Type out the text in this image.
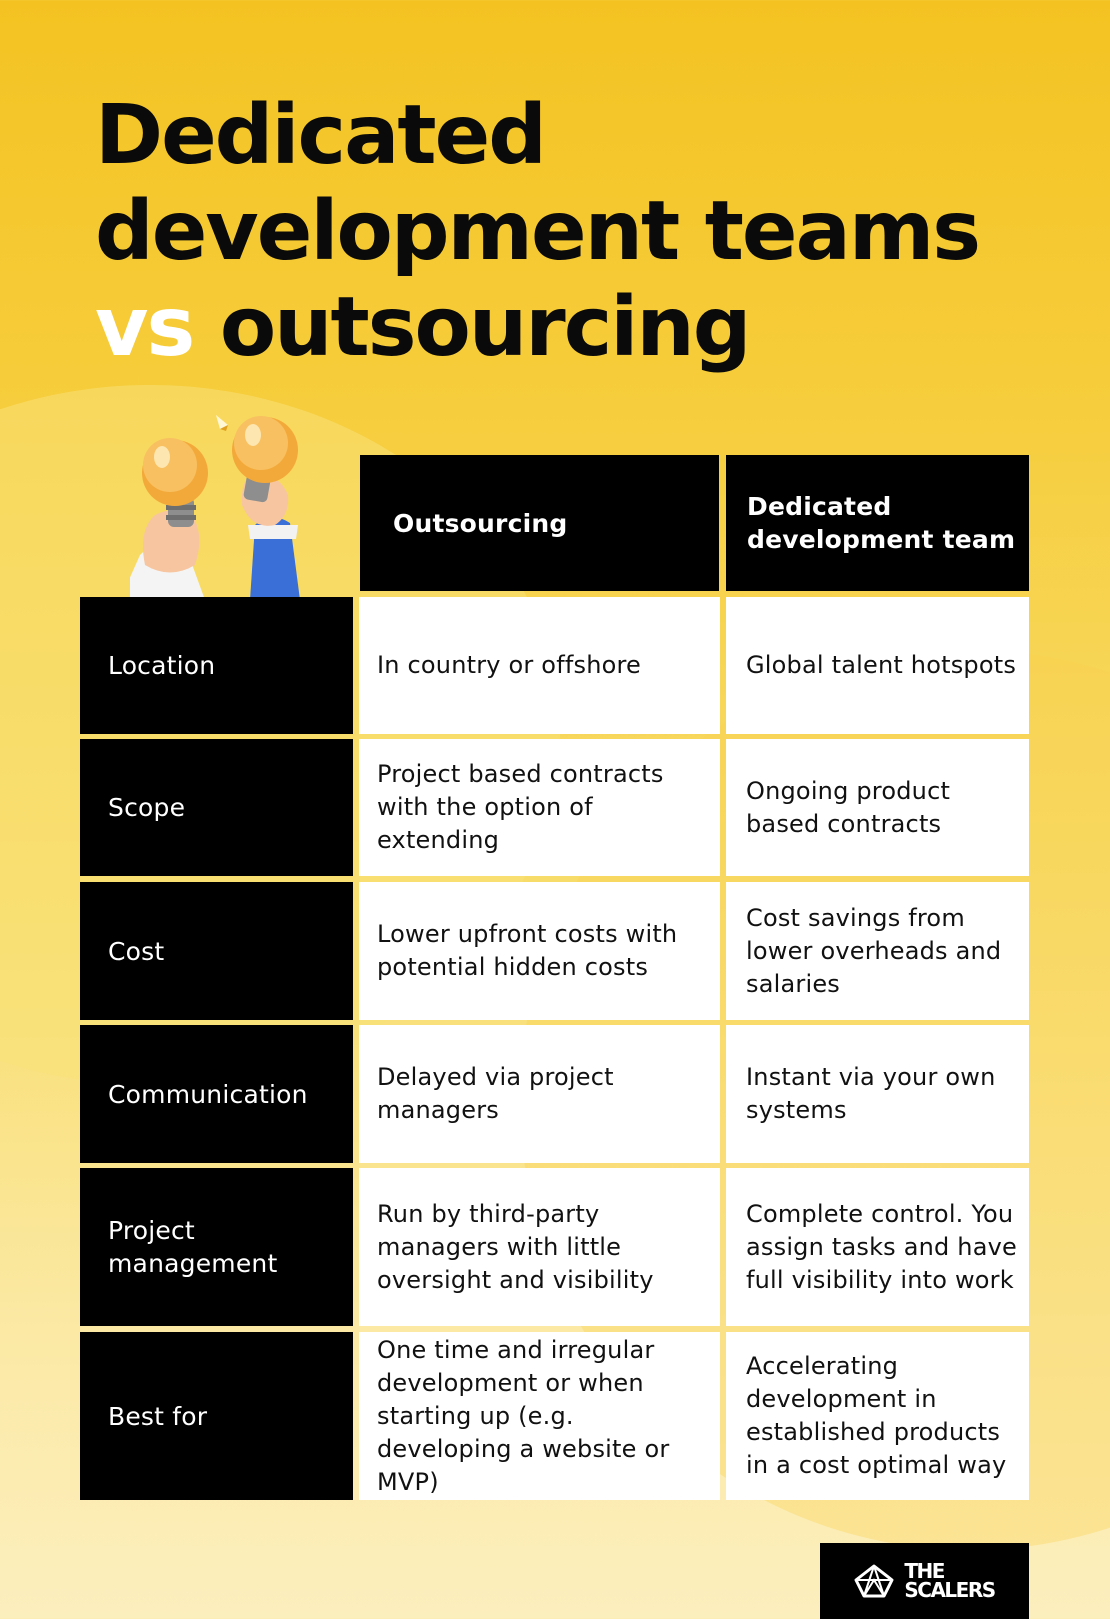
Dedicated
development teams
vs outsourcing
Outsourcing
Dedicated development team
Location	In country or offshore	Global talent hotspots
Scope
Project based contracts with the option of extending
Ongoing product based contracts
Cost
Lower upfront costs with potential hidden costs
Cost savings from lower overheads and salaries
Communication
Delayed via project managers
Instant via your own systems
Project management
Run by third-party managers with little oversight and visibility
Complete control. You assign tasks and have full visibility into work
Best for
One time and irregular development or when starting up (e.g. developing a website or MVP)
Accelerating development in established products in a cost optimal way
THE
SCALERS
